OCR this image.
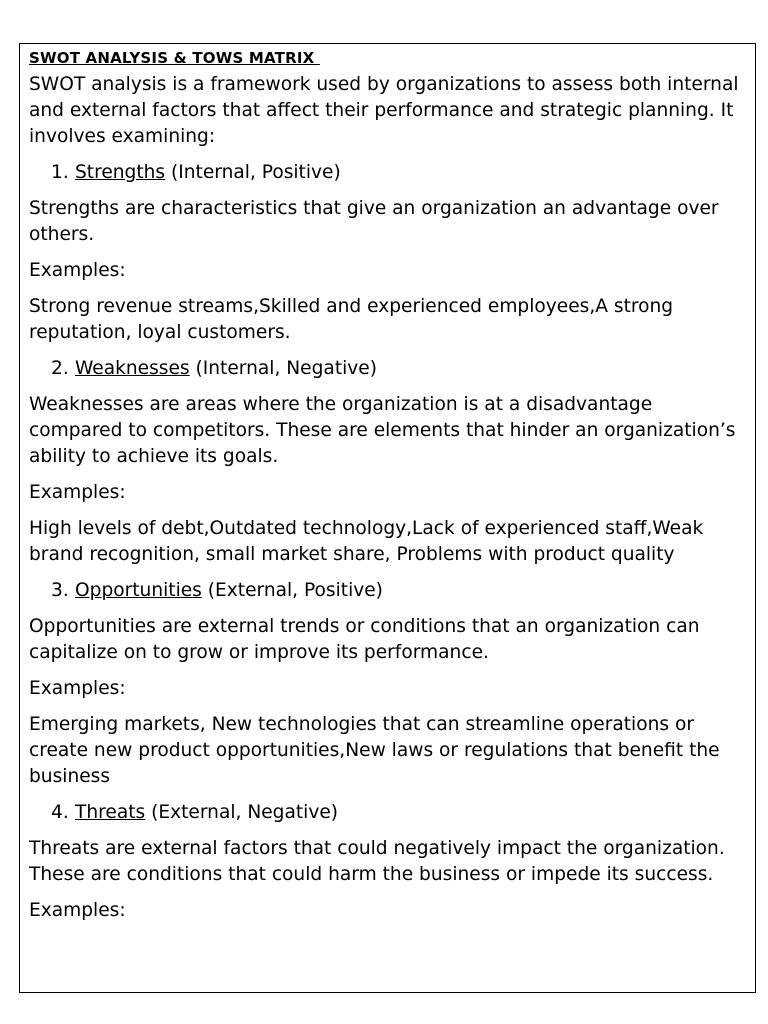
SWOT ANALYSIS & TOWS MATRIX

SWOT analysis is a framework used by organizations to assess both internal and external factors that affect their performance and strategic planning. It involves examining:

1. Strengths (Internal, Positive)

Strengths are characteristics that give an organization an advantage over others.

Examples:

Strong revenue streams,Skilled and experienced employees,A strong reputation, loyal customers.

2. Weaknesses (Internal, Negative)

Weaknesses are areas where the organization is at a disadvantage compared to competitors. These are elements that hinder an organization’s ability to achieve its goals.

Examples:

High levels of debt,Outdated technology,Lack of experienced staff,Weak brand recognition, small market share, Problems with product quality

3. Opportunities (External, Positive)

Opportunities are external trends or conditions that an organization can capitalize on to grow or improve its performance.

Examples:

Emerging markets, New technologies that can streamline operations or create new product opportunities,New laws or regulations that benefit the business

4. Threats (External, Negative)

Threats are external factors that could negatively impact the organization. These are conditions that could harm the business or impede its success.

Examples:
